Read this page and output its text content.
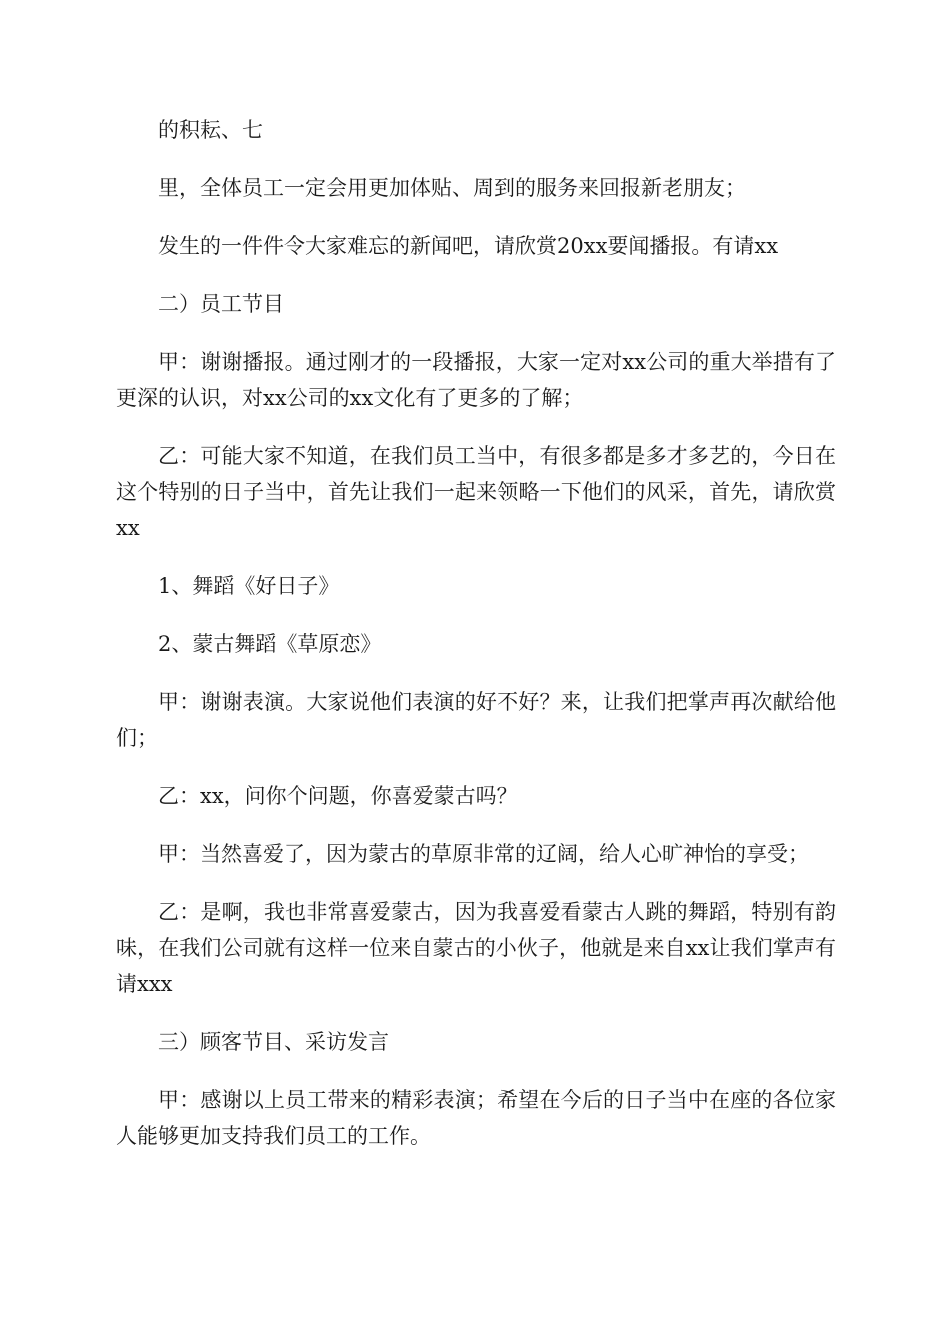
的积耘、七

里，全体员工一定会用更加体贴、周到的服务来回报新老朋友；

发生的一件件令大家难忘的新闻吧，请欣赏20xx要闻播报。有请xx

二）员工节目

甲：谢谢播报。通过刚才的一段播报，大家一定对xx公司的重大举措有了更深的认识，对xx公司的xx文化有了更多的了解；

乙：可能大家不知道，在我们员工当中，有很多都是多才多艺的，今日在这个特别的日子当中，首先让我们一起来领略一下他们的风采，首先，请欣赏xx

1、舞蹈《好日子》

2、蒙古舞蹈《草原恋》

甲：谢谢表演。大家说他们表演的好不好？来，让我们把掌声再次献给他们；

乙：xx，问你个问题，你喜爱蒙古吗？

甲：当然喜爱了，因为蒙古的草原非常的辽阔，给人心旷神怡的享受；

乙：是啊，我也非常喜爱蒙古，因为我喜爱看蒙古人跳的舞蹈，特别有韵味，在我们公司就有这样一位来自蒙古的小伙子，他就是来自xx让我们掌声有请xxx

三）顾客节目、采访发言

甲：感谢以上员工带来的精彩表演；希望在今后的日子当中在座的各位家人能够更加支持我们员工的工作。
